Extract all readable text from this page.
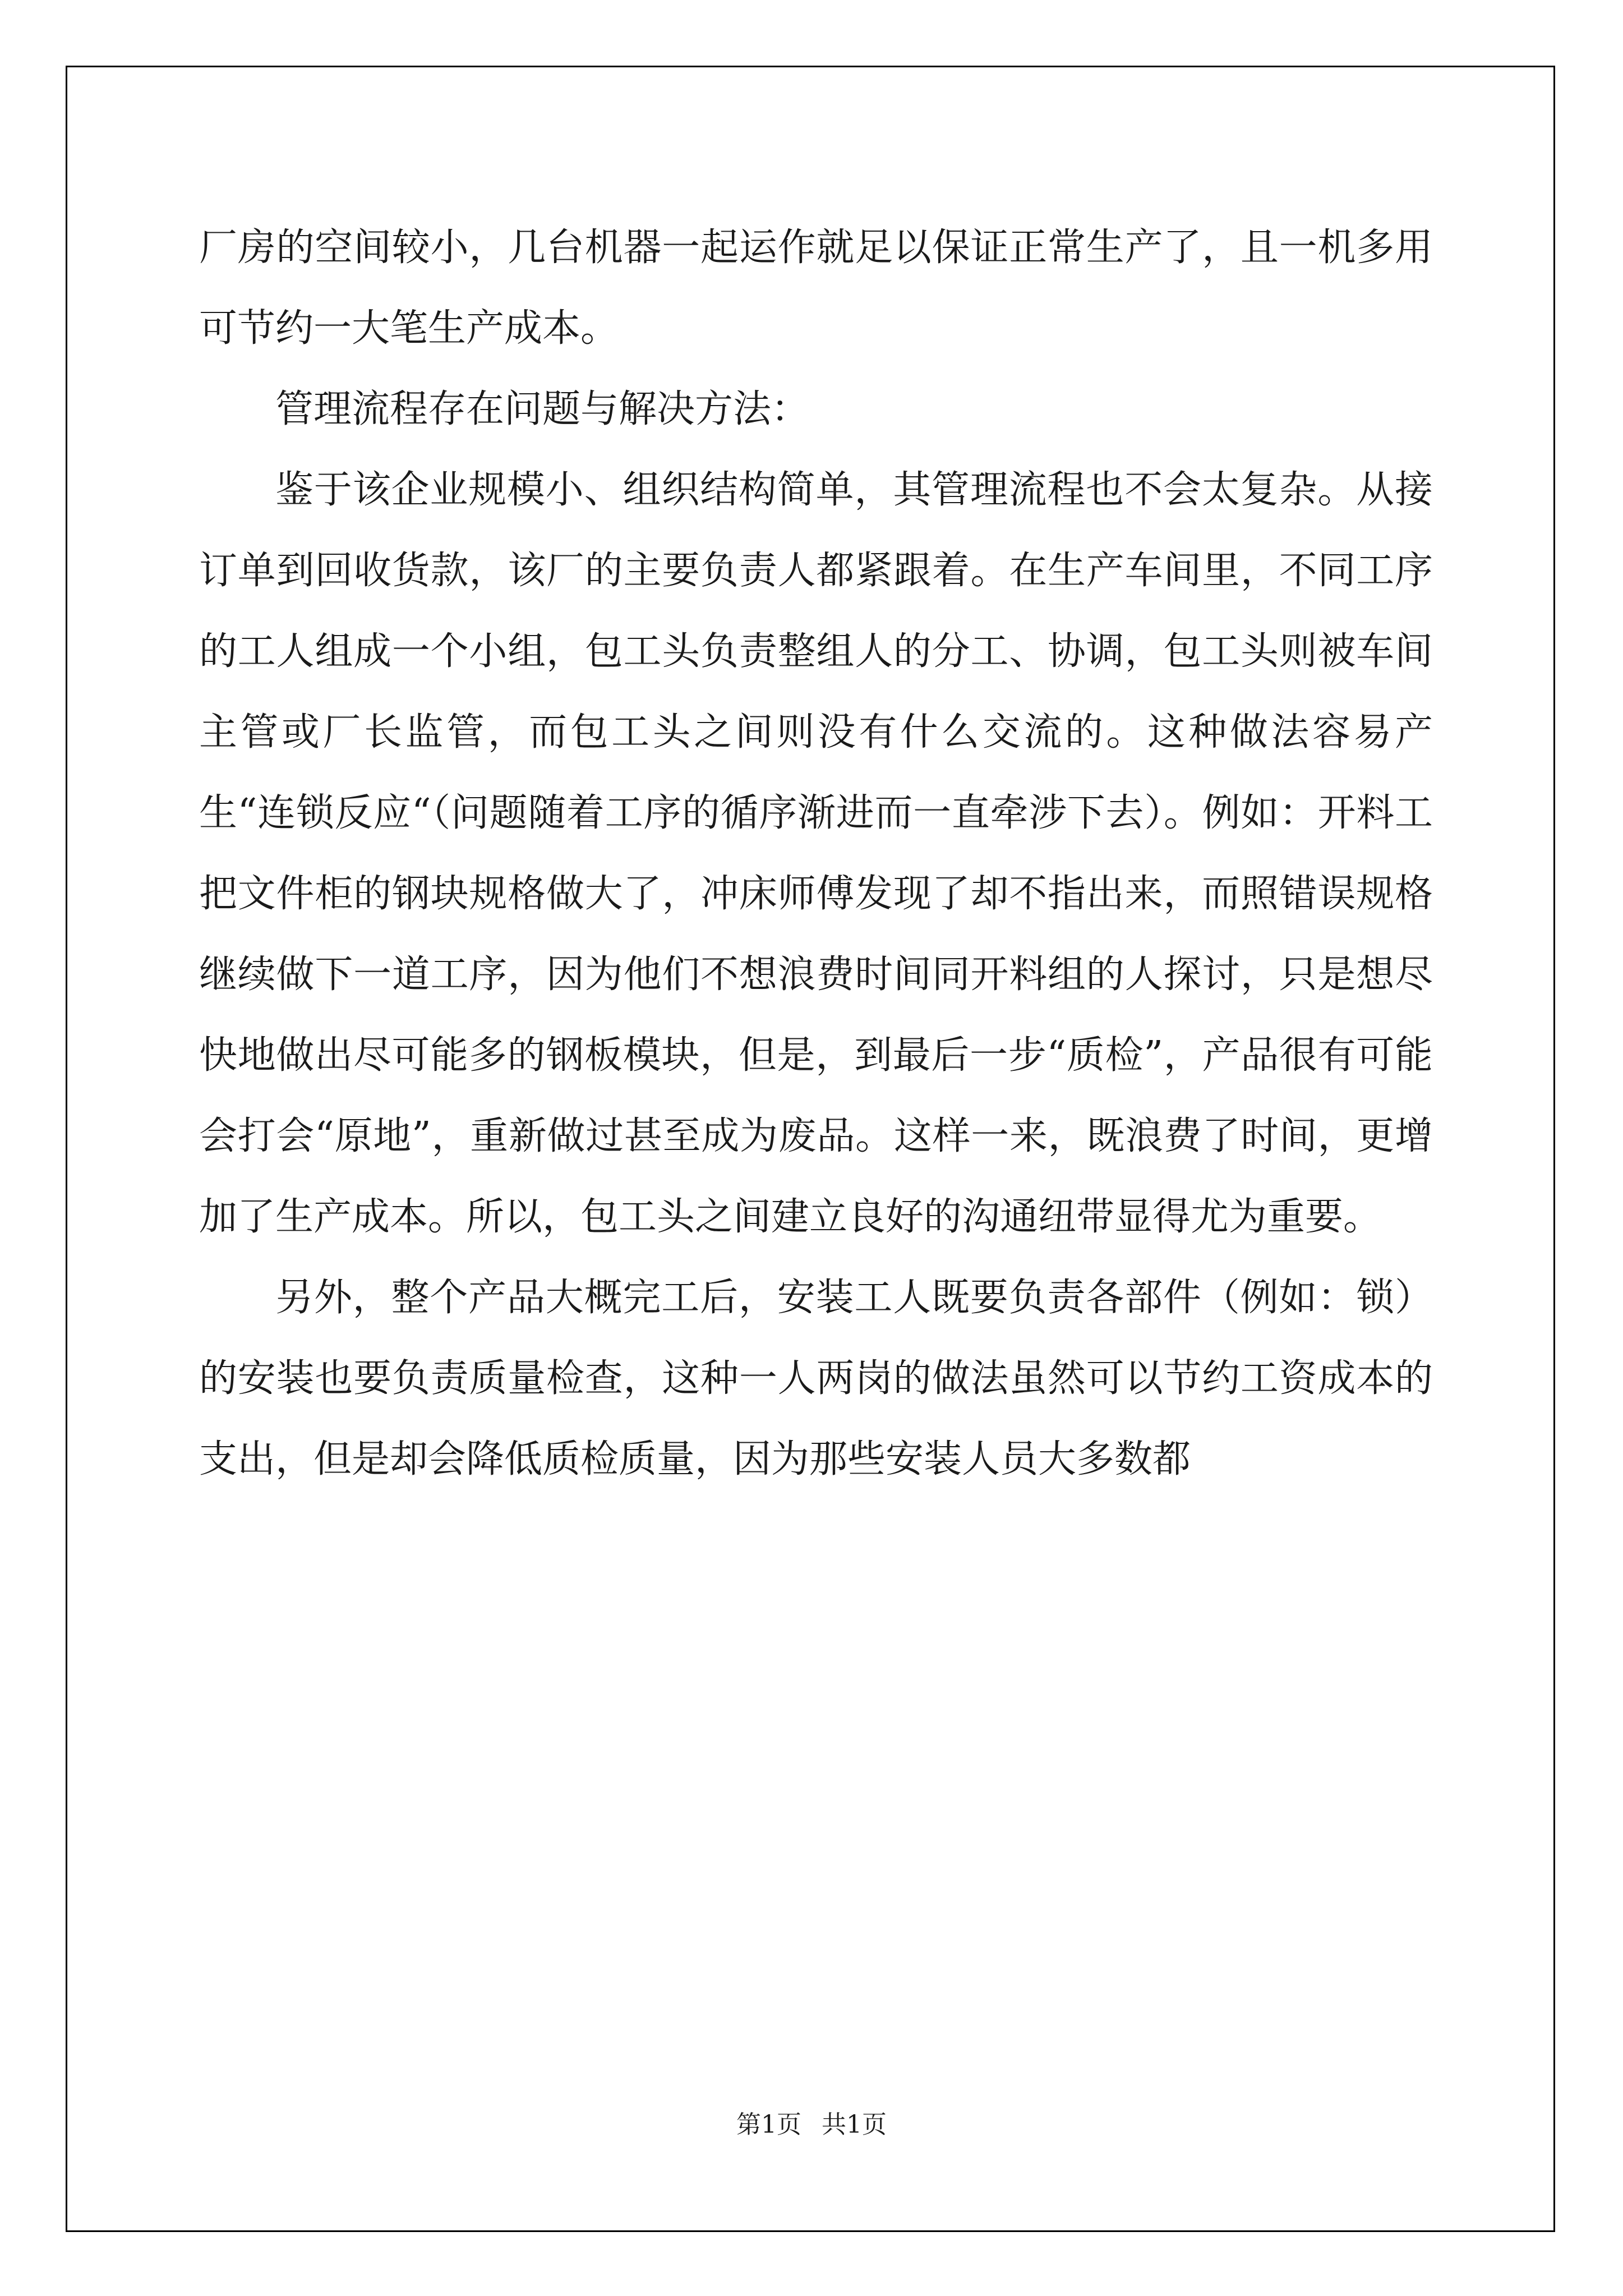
厂房的空间较小，几台机器一起运作就足以保证正常生产了，且一机多用可节约一大笔生产成本。

管理流程存在问题与解决方法：

鉴于该企业规模小、组织结构简单，其管理流程也不会太复杂。从接订单到回收货款，该厂的主要负责人都紧跟着。在生产车间里，不同工序的工人组成一个小组，包工头负责整组人的分工、协调，包工头则被车间主管或厂长监管，而包工头之间则没有什么交流的。这种做法容易产生“连锁反应“（问题随着工序的循序渐进而一直牵涉下去）。例如：开料工把文件柜的钢块规格做大了，冲床师傅发现了却不指出来，而照错误规格继续做下一道工序，因为他们不想浪费时间同开料组的人探讨，只是想尽快地做出尽可能多的钢板模块，但是，到最后一步“质检”，产品很有可能会打会“原地”，重新做过甚至成为废品。这样一来，既浪费了时间，更增加了生产成本。所以，包工头之间建立良好的沟通纽带显得尤为重要。

另外，整个产品大概完工后，安装工人既要负责各部件（例如：锁）的安装也要负责质量检查，这种一人两岗的做法虽然可以节约工资成本的支出，但是却会降低质检质量，因为那些安装人员大多数都

第1页 共1页
